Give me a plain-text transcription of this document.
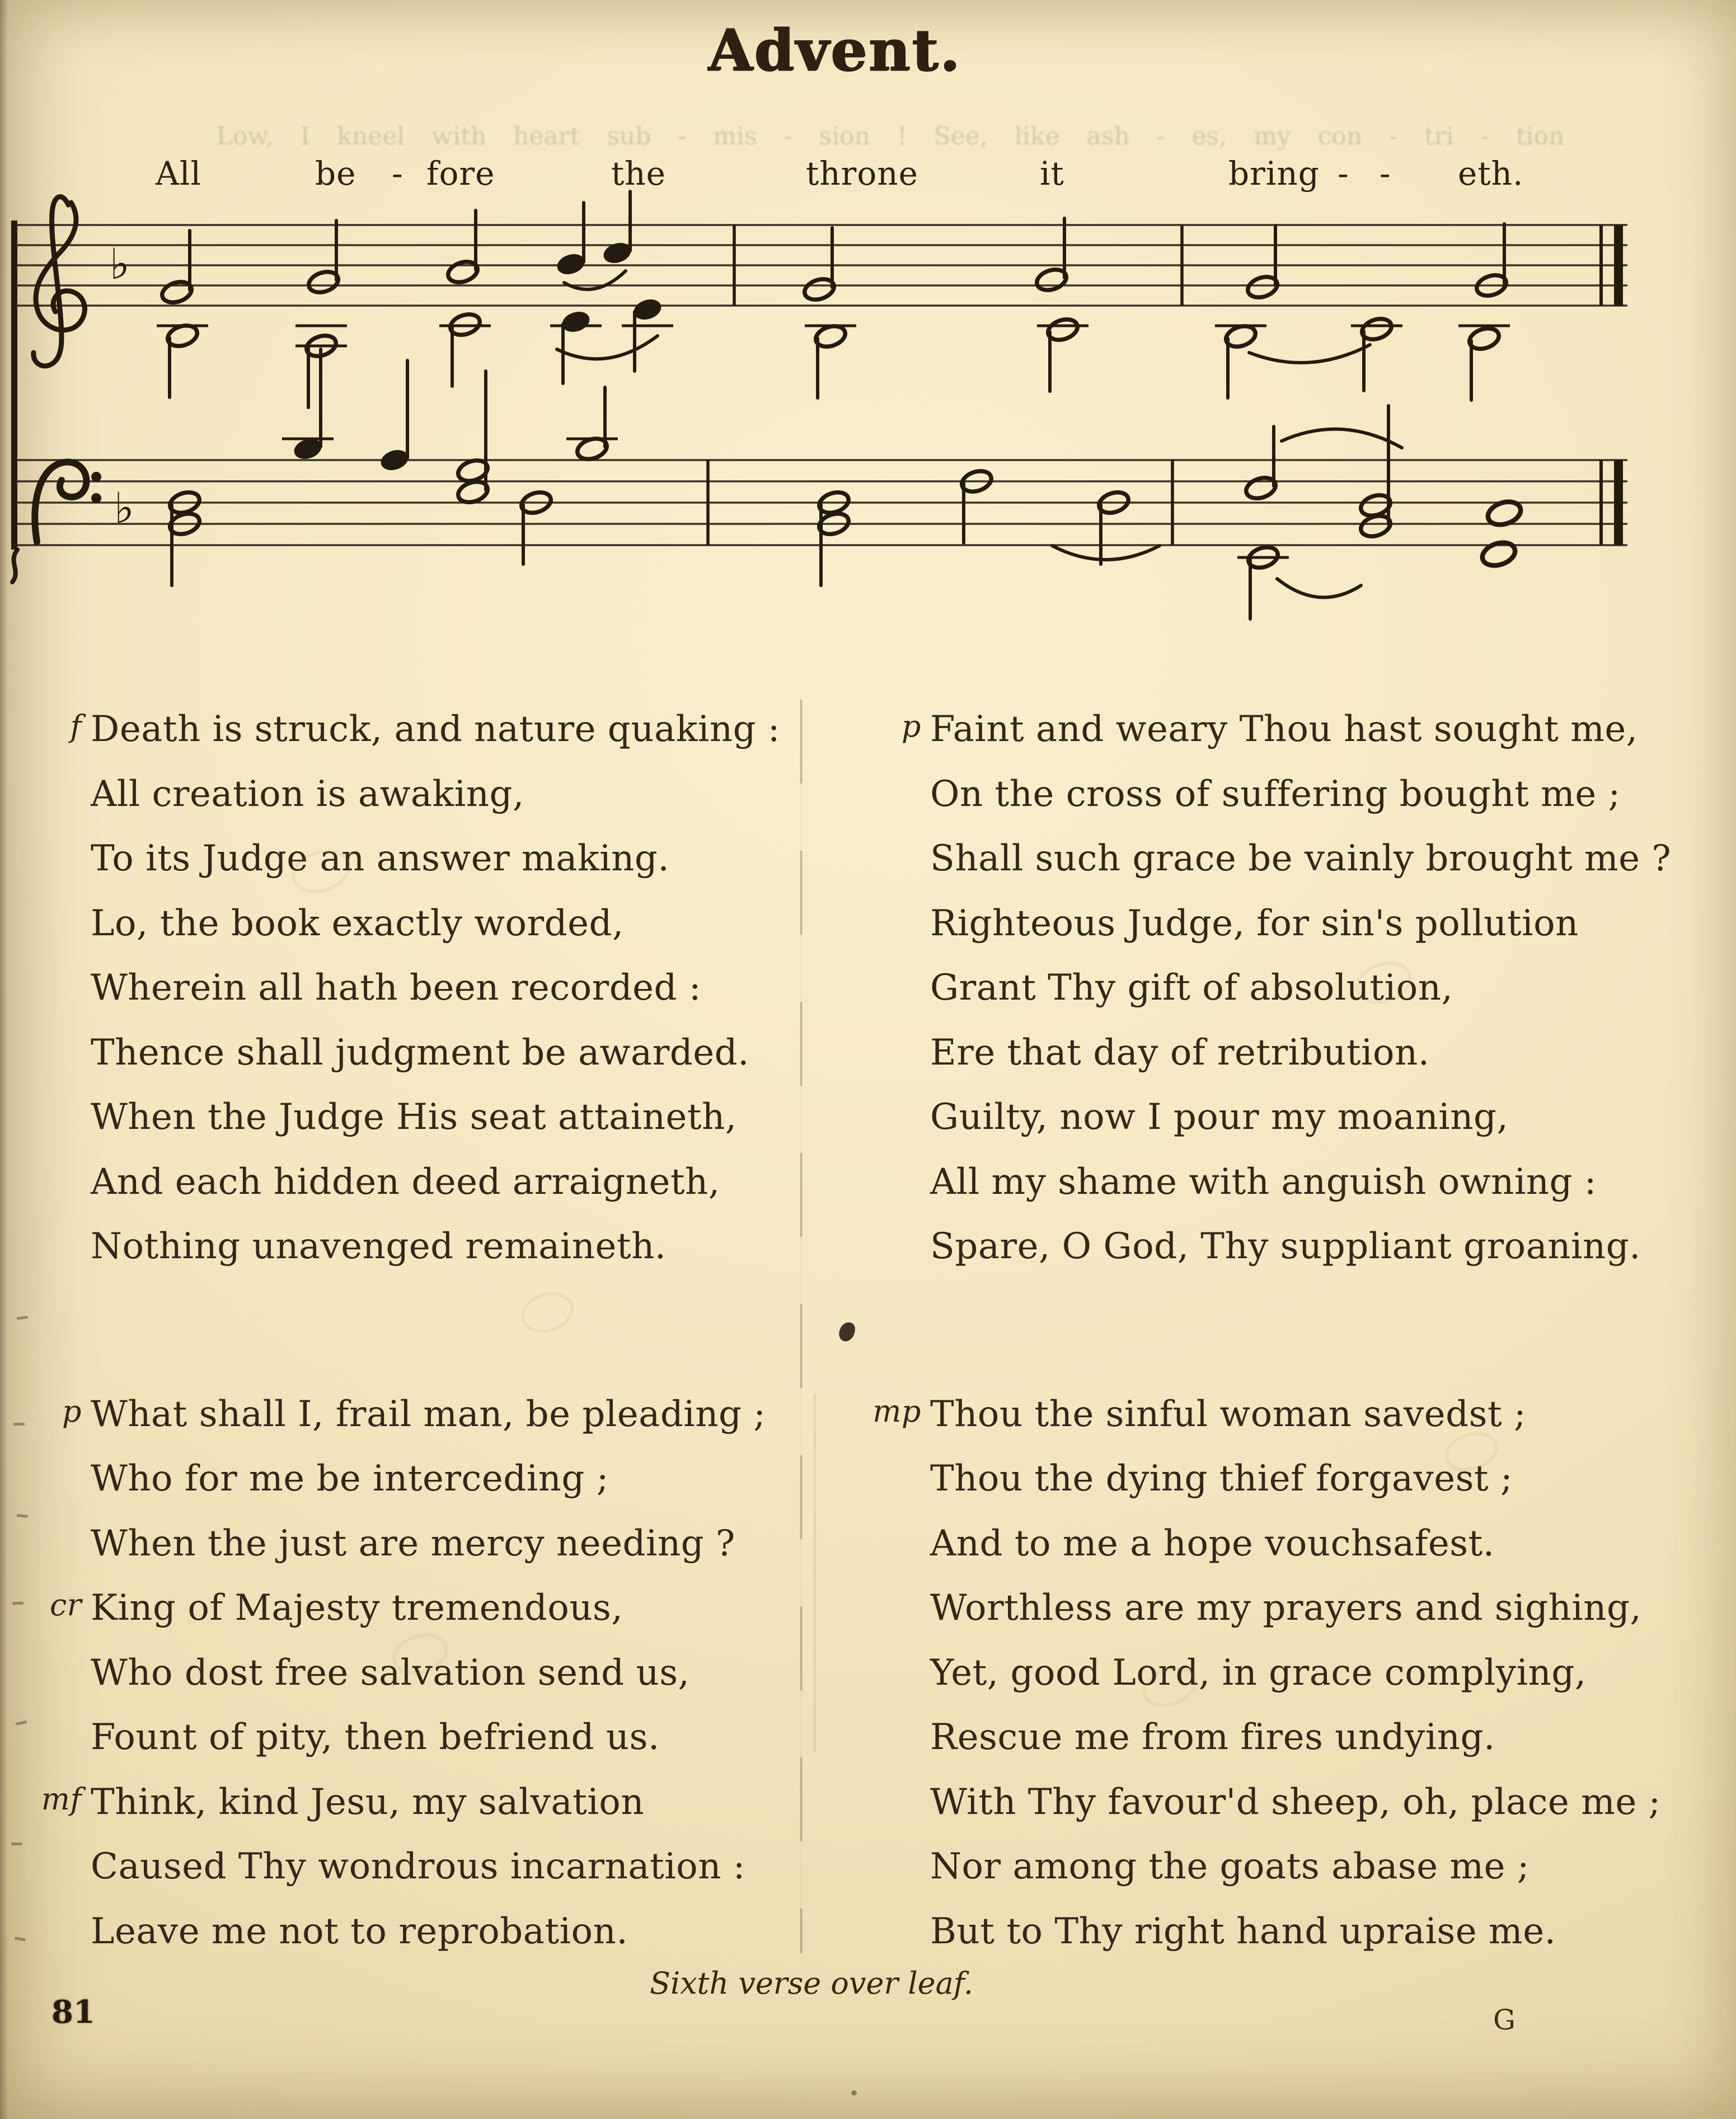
Advent.
Low, I kneel with heart sub - mis - sion ! See, like ash - es, my con - tri - tion
All	be - fore	the	throne	it	bring - - eth.
♭
♭
f Death is struck, and nature quaking :
All creation is awaking,
To its Judge an answer making.
Lo, the book exactly worded,
Wherein all hath been recorded :
Thence shall judgment be awarded.
When the Judge His seat attaineth,
And each hidden deed arraigneth,
Nothing unavenged remaineth.
p What shall I, frail man, be pleading ;
Who for me be interceding ;
When the just are mercy needing ?
cr King of Majesty tremendous,
Who dost free salvation send us,
Fount of pity, then befriend us.
mf Think, kind Jesu, my salvation
Caused Thy wondrous incarnation :
Leave me not to reprobation.
p Faint and weary Thou hast sought me,
On the cross of suffering bought me ;
Shall such grace be vainly brought me ?
Righteous Judge, for sin's pollution
Grant Thy gift of absolution,
Ere that day of retribution.
Guilty, now I pour my moaning,
All my shame with anguish owning :
Spare, O God, Thy suppliant groaning.
mp Thou the sinful woman savedst ;
Thou the dying thief forgavest ;
And to me a hope vouchsafest.
Worthless are my prayers and sighing,
Yet, good Lord, in grace complying,
Rescue me from fires undying.
With Thy favour'd sheep, oh, place me ;
Nor among the goats abase me ;
But to Thy right hand upraise me.
Sixth verse over leaf.
81	G
